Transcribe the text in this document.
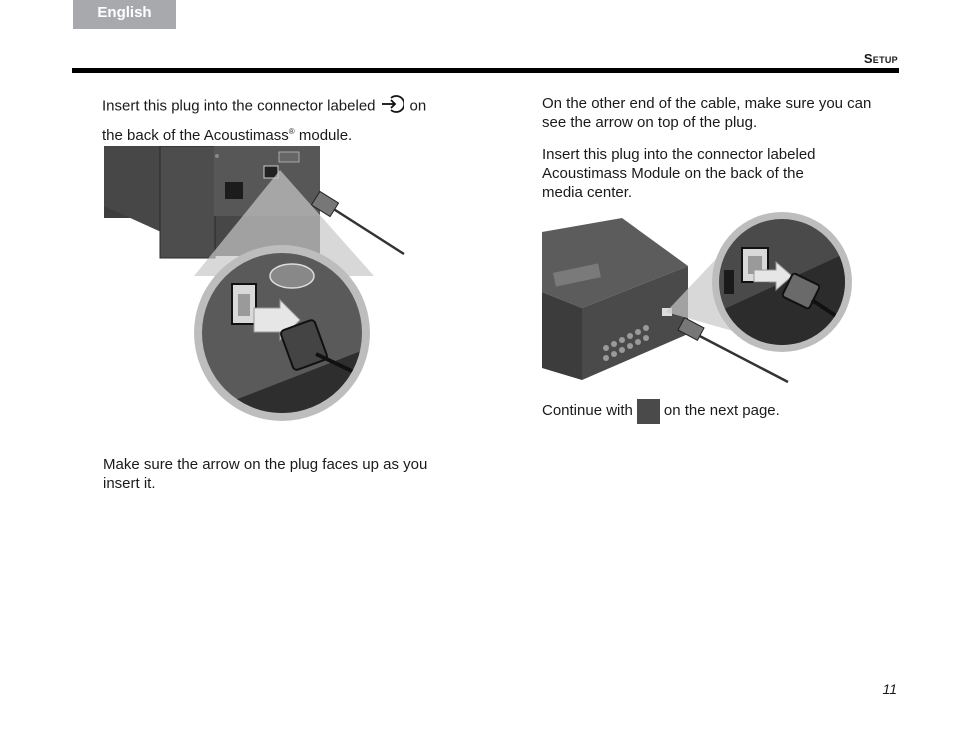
English
Setup

Insert this plug into the connector labeled on
the back of the Acoustimass® module.

Make sure the arrow on the plug faces up as you
insert it.

On the other end of the cable, make sure you can
see the arrow on top of the plug.

Insert this plug into the connector labeled
Acoustimass Module on the back of the
media center.

Continue with on the next page.

11
